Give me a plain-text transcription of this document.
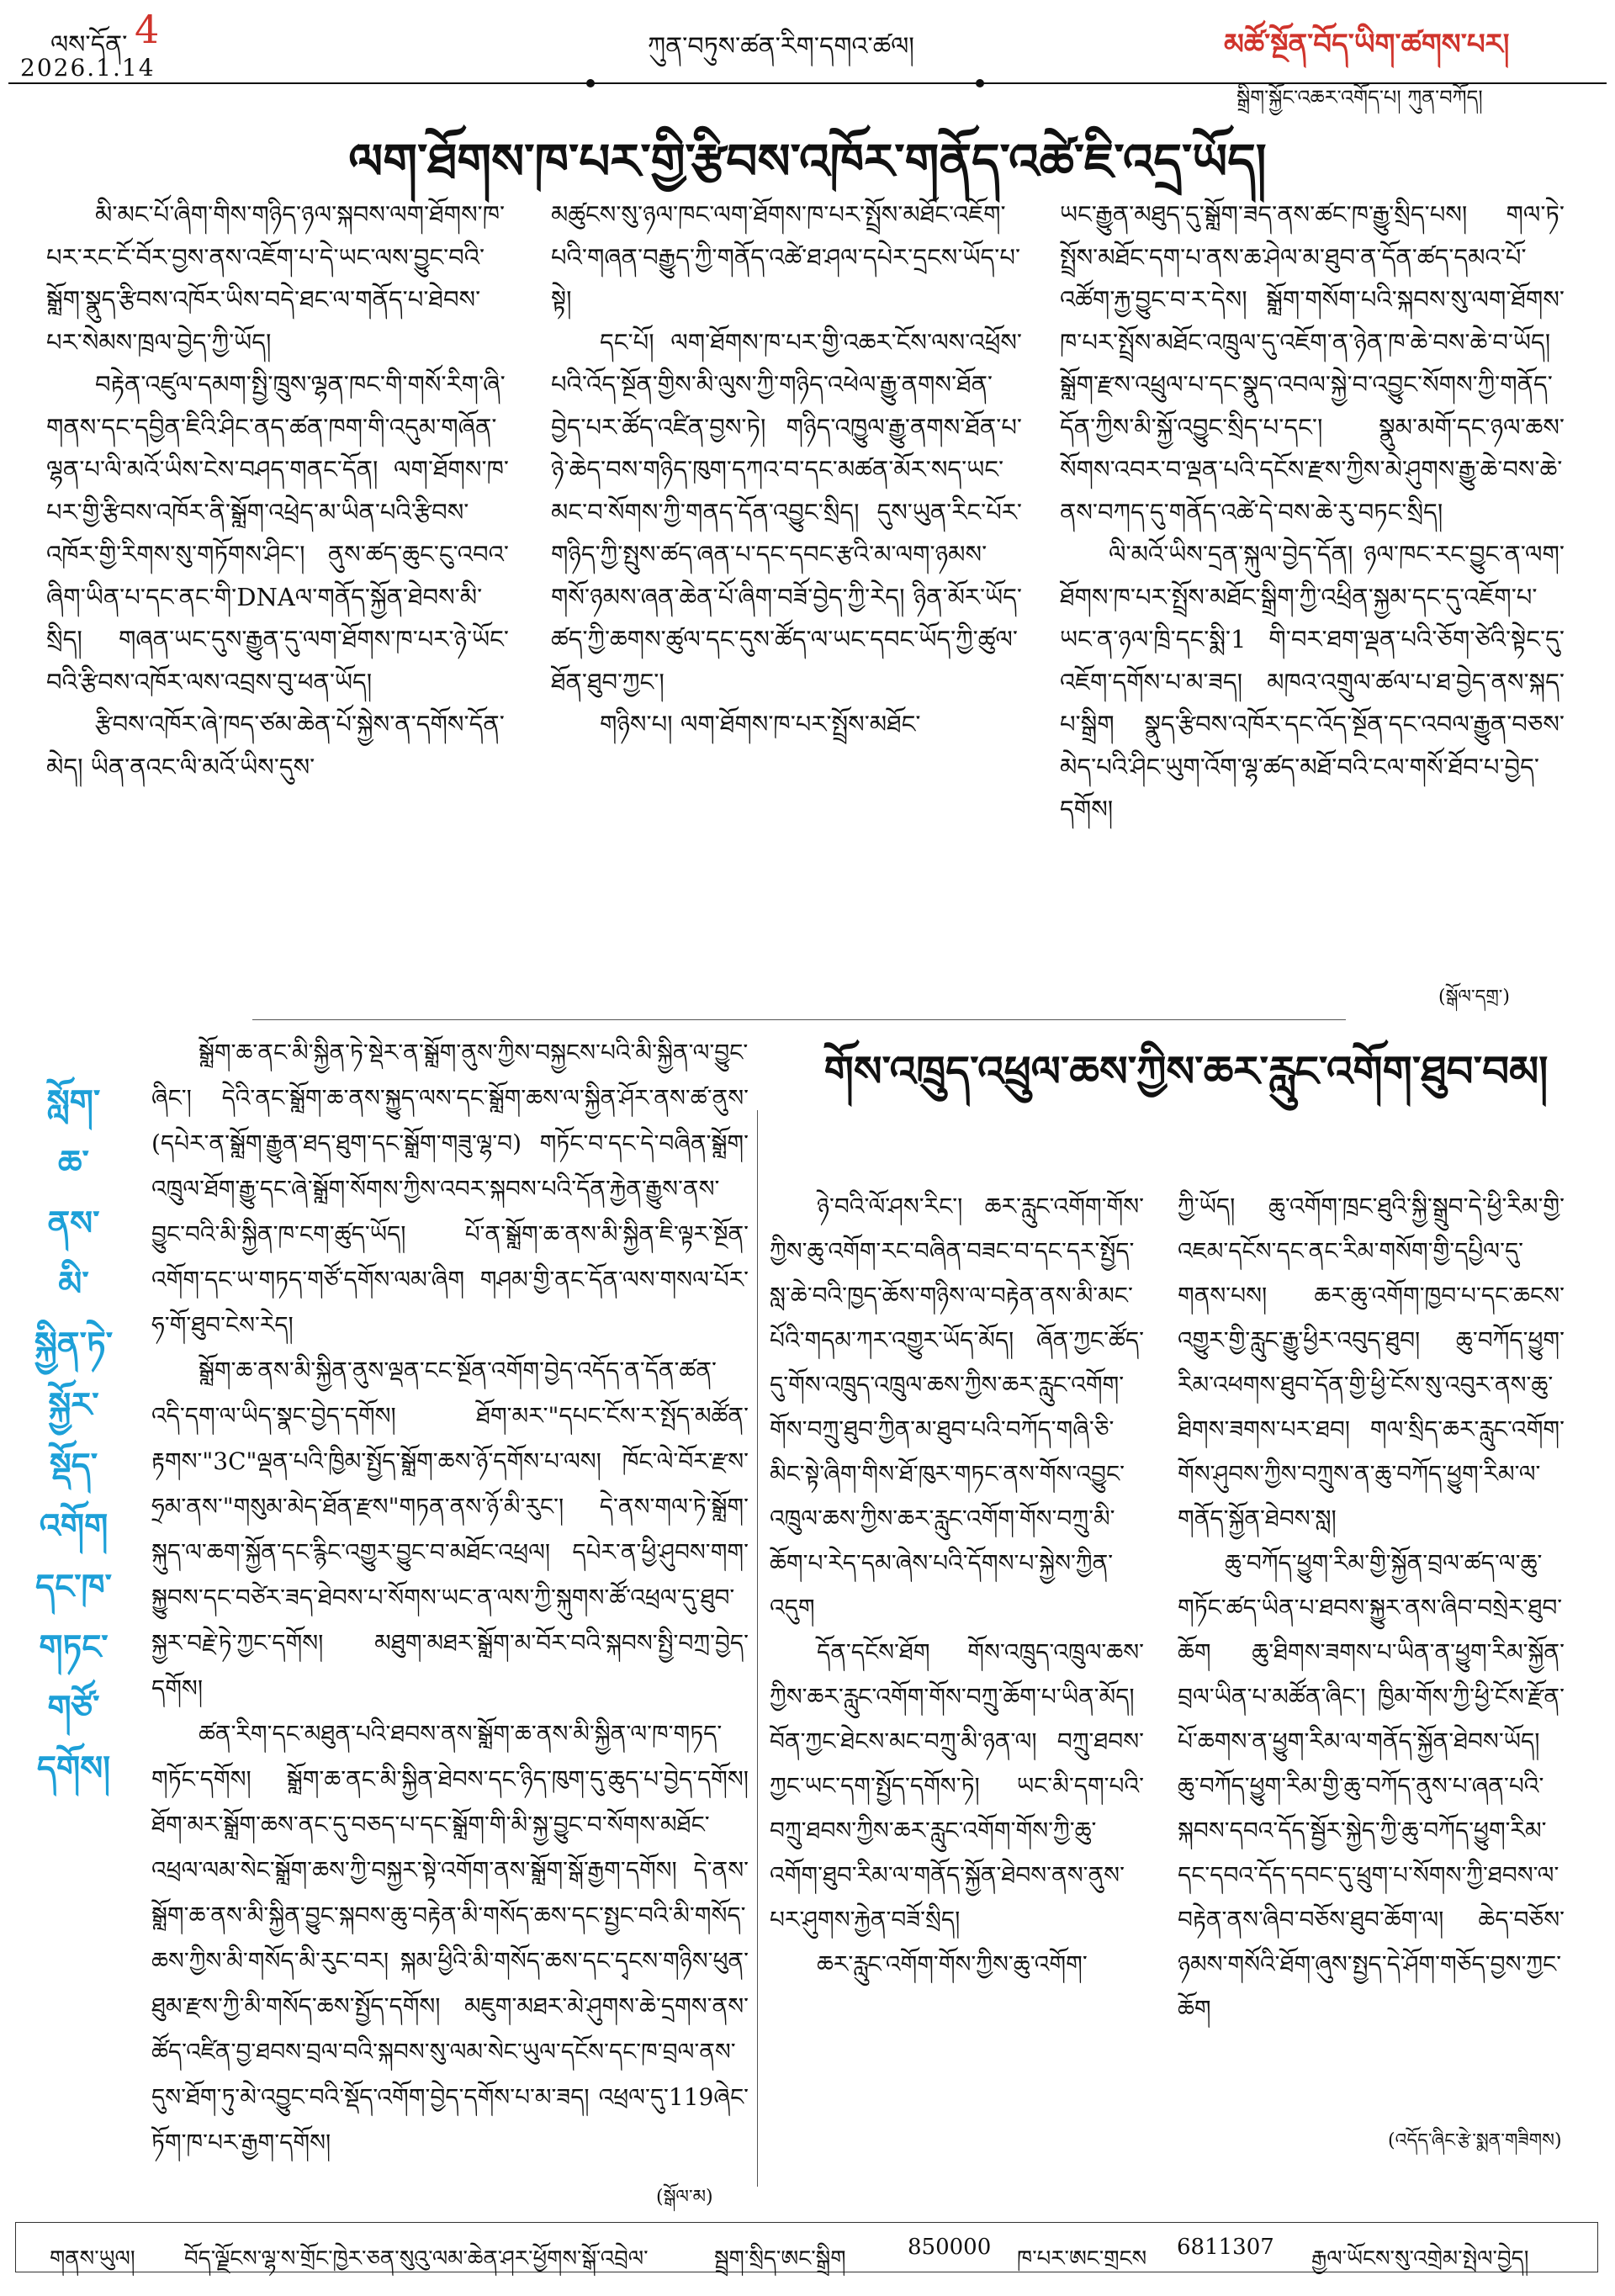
ལས་དོན་ 4
2026.1.14
ཀུན་བཏུས་ཚན་རིག་དགའ་ཚལ།	མཚོ་སྔོན་བོད་ཡིག་ཚགས་པར།
སྒྲིག་སྐྱོང་འཆར་འགོད་པ། ཀུན་བཀོད།
ལག་ཐོགས་ཁ་པར་གྱི་རྩིབས་འཁོར་གནོད་འཚེ་ཇི་འདྲ་ཡོད།

མི་མང་པོ་ཞིག་གིས་གཉིད་ཉལ་སྐབས་ལག་ཐོགས་ཁ་པར་རང་ངོ་བོར་བྱས་ནས་འཇོག་པ་དེ་ཡང་ལས་བྱུང་བའི་སྒློག་སྣུད་རྩིབས་འཁོར་ཡིས་བདེ་ཐང་ལ་གནོད་པ་ཐེབས་པར་སེམས་ཁྲལ་བྱེད་ཀྱི་ཡོད།

བརྟེན་འཛུལ་དམག་སྤྱི་ཁྲུས་ལྷན་ཁང་གི་གསོ་རིག་ཞི་གནས་དང་དབྱིན་ཇིའི་ཤིང་ནད་ཚན་ཁག་གི་འདུམ་གཞོན་ལྷན་པ་ལི་མའོ་ཡིས་ངེས་བཤད་གནང་དོན། ལག་ཐོགས་ཁ་པར་གྱི་རྩིབས་འཁོར་ནི་སྒློག་འཕྲེད་མ་ཡིན་པའི་རྩིབས་འཁོར་གྱི་རིགས་སུ་གཏོགས་ཤིང་། ནུས་ཚད་ཆུང་ངུ་འབའ་ཞིག་ཡིན་པ་དང་ནང་གི་DNAལ་གནོད་སྐྱོན་ཐེབས་མི་སྲིད། གཞན་ཡང་དུས་རྒྱུན་དུ་ལག་ཐོགས་ཁ་པར་ཉེ་ཡོང་བའི་རྩིབས་འཁོར་ལས་འབྲས་བུ་ཕན་ཡོད།

རྩིབས་འཁོར་ཞེ་ཁད་ཙམ་ཆེན་པོ་སྐྱེས་ན་དགོས་དོན་མེད། ཡིན་ནའང་ལི་མའོ་ཡིས་དུས་

མཚུངས་སུ་ཉལ་ཁང་ལག་ཐོགས་ཁ་པར་སྤྲོས་མཐོང་འཇོག་པའི་གཞན་བརྒྱུད་ཀྱི་གནོད་འཚེ་ཐ་ཤལ་དཔེར་དྲངས་ཡོད་པ་སྟེ།

དང་པོ། ལག་ཐོགས་ཁ་པར་གྱི་འཆར་ངོས་ལས་འཕྲོས་པའི་འོད་སྔོན་གྱིས་མི་ལུས་ཀྱི་གཉིད་འཕེལ་རྒྱུ་ནགས་ཐོན་བྱེད་པར་ཚོད་འཛིན་བྱས་ཏེ། གཉིད་འཁྱུལ་རྒྱུ་ནགས་ཐོན་པ་ཉེ་ཆེད་བས་གཉིད་ཁུག་དཀའ་བ་དང་མཚན་མོར་སད་ཡང་མང་བ་སོགས་ཀྱི་གནད་དོན་འབྱུང་སྲིད། དུས་ཡུན་རིང་པོར་གཉིད་ཀྱི་སྤུས་ཚད་ཞན་པ་དང་དབང་རྩའི་མ་ལག་ཉམས་གསོ་ཉམས་ཞན་ཆེན་པོ་ཞིག་བཟོ་བྱེད་ཀྱི་རེད། ཉིན་མོར་ཡོད་ཚད་ཀྱི་ཆགས་ཚུལ་དང་དུས་ཚོད་ལ་ཡང་དབང་ཡོད་ཀྱི་ཚུལ་ཐོན་ཐུབ་ཀྱང་།

གཉིས་པ། ལག་ཐོགས་ཁ་པར་སྤྲོས་མཐོང་

ཡང་རྒྱུན་མཐུད་དུ་སྒློག་ཟད་ནས་ཚང་ཁ་རྒྱུ་སྲིད་པས། གལ་ཏེ་སྤྲོས་མཐོང་དག་པ་ནས་ཆ་ཤེལ་མ་ཐུབ་ན་དོན་ཚད་དམའ་པོ་འཚོག་རྐྱ་བྱུང་བ་ར་དེས། སྒློག་གསོག་པའི་སྐབས་སུ་ལག་ཐོགས་ཁ་པར་སྤྲོས་མཐོང་འཁྲུལ་དུ་འཇོག་ན་ཉེན་ཁ་ཆེ་བས་ཆེ་བ་ཡོད། སྒློག་རྫས་འཕྲུལ་པ་དང་སྣུད་འབལ་སྐྱེ་བ་འབྱུང་སོགས་ཀྱི་གནོད་དོན་ཀྱིས་མི་སྐྱོ་འབྱུང་སྲིད་པ་དང་། སྣུམ་མགོ་དང་ཉལ་ཆས་སོགས་འབར་བ་ལྡན་པའི་དངོས་རྫས་ཀྱིས་མེ་ཤུགས་རྒྱུ་ཆེ་བས་ཆེ་ནས་བཀད་དུ་གནོད་འཚེ་དེ་བས་ཆེ་རུ་བཏང་སྲིད།

ལི་མའོ་ཡིས་དྲན་སྐུལ་བྱེད་དོན། ཉལ་ཁང་རང་བྱུང་ན་ལག་ཐོགས་ཁ་པར་སྤྲོས་མཐོང་སྒྲིག་ཀྱི་འཕྲིན་སྐྱམ་དང་དུ་འཇོག་པ་ཡང་ན་ཉལ་ཁྲི་དང་སྨི་1 གི་བར་ཐག་ལྡན་པའི་ཅོག་ཙེའི་སྟེང་དུ་འཇོག་དགོས་པ་མ་ཟད། མཁའ་འགྲུལ་ཚལ་པ་ཐ་བྱེད་ནས་སྐད་པ་སྒྲིག སྣུད་རྩིབས་འཁོར་དང་འོད་སྔོན་དང་འབལ་རྒྱུན་བཅས་མེད་པའི་ཤིང་ཡུག་འོག་ལྷ་ཚད་མཐོ་བའི་ངལ་གསོ་ཐོབ་པ་བྱེད་དགོས།

(སྒོལ་དགྲ་)
སློག་
ཆ་ནས་མི་
སྐྱིན་ཏེ་
སྐྱོར་སྡོད་
འགོག
དང་ཁ་
གཏང་
གཙོ་
དགོས།

སྒློག་ཆ་ནང་མི་སྐྱིན་ཏེ་སྡེར་ན་སྒློག་ནུས་ཀྱིས་བསྐྱངས་པའི་མི་སྐྱིན་ལ་བྱུང་ཞིང་། དེའི་ནང་སྒློག་ཆ་ནས་སྐྱུད་ལས་དང་སྒློག་ཆས་ལ་སྐྱིན་ཤོར་ནས་ཚ་ནུས་(དཔེར་ན་སྒློག་རྒྱུན་ཐད་ཐུག་དང་སྒློག་གཟུ་ལྷ་བ) གཏོང་བ་དང་དེ་བཞིན་སྒློག་འཁྲུལ་ཐོག་རྒྱུ་དང་ཞེ་སྒློག་སོགས་ཀྱིས་འབར་སྐབས་པའི་དོན་རྐྱེན་རྒྱུས་ནས་བྱུང་བའི་མི་སྐྱིན་ཁ་ངག་ཚུད་ཡོད། པོ་ན་སྒློག་ཆ་ནས་མི་སྐྱིན་ཇི་ལྟར་སྔོན་འགོག་དང་ཡ་གཏད་གཙོ་དགོས་ལམ་ཞིག གཤམ་གྱི་ནང་དོན་ལས་གསལ་པོར་ཧ་གོ་ཐུབ་ངེས་རེད།

སྒློག་ཆ་ནས་མི་སྐྱིན་ནུས་ལྡན་ངང་སྔོན་འགོག་བྱེད་འདོད་ན་དོན་ཚན་འདི་དག་ལ་ཡིད་སྣང་བྱེད་དགོས། ཐོག་མར་"དཔང་ངོས་ར་སྤོད་མཚོན་རྟགས་"3C"ལྡན་པའི་ཁྱིམ་སྤྱོད་སྒློག་ཆས་ཉོ་དགོས་པ་ལས། ཁོང་ལེ་བོར་རྫས་ཧྲམ་ནས་"གསུམ་མེད་ཐོན་རྫས"གཏན་ནས་ཉོ་མི་རུང་། དེ་ནས་གལ་ཏེ་སྒློག་སྐུད་ལ་ཆག་སྐྱོན་དང་རྙིང་འགྱུར་བྱུང་བ་མཐོང་འཕྲལ། དཔེར་ན་ཕྱི་ཤུབས་གག་སྐྱུབས་དང་བཙེར་ཟད་ཐེབས་པ་སོགས་ཡང་ན་ལས་ཀྱི་སྐུགས་ཚོ་འཕྲལ་དུ་ཐུབ་སྐྱར་བརྗེ་ཏེ་ཀྱང་དགོས། མཐུག་མཐར་སྒློག་མ་བོར་བའི་སྐབས་སྤྱི་བཀྲ་བྱེད་དགོས།

ཚན་རིག་དང་མཐུན་པའི་ཐབས་ནས་སྒློག་ཆ་ནས་མི་སྐྱིན་ལ་ཁ་གཏད་གཏོང་དགོས། སྒློག་ཆ་ནང་མི་སྐྱིན་ཐེབས་དང་ཉིད་ཁུག་དུ་ཆུད་པ་བྱེད་དགོས། ཐོག་མར་སྒློག་ཆས་ནང་དུ་བཅད་པ་དང་སྒློག་གི་མི་སྐྱ་བྱུང་བ་སོགས་མཐོང་འཕྲལ་ལམ་སེང་སྒློག་ཆས་ཀྱི་བསྐྱར་སྟེ་འགོག་ནས་སྒློག་སྒོ་རྒྱག་དགོས། དེ་ནས་སྒློག་ཆ་ནས་མི་སྐྱིན་བྱུང་སྐབས་ཆུ་བརྟེན་མི་གསོད་ཆས་དང་སྤྱང་བའི་མི་གསོད་ཆས་ཀྱིས་མི་གསོད་མི་རུང་བར། སྐམ་ཕྱིའི་མི་གསོད་ཆས་དང་དྭངས་གཉིས་ཕུན་ཐུམ་རྫས་ཀྱི་མི་གསོད་ཆས་སྤྱོད་དགོས། མཇུག་མཐར་མེ་ཤུགས་ཆེ་དྲགས་ནས་ཚོད་འཛིན་བྱ་ཐབས་བྲལ་བའི་སྐབས་སུ་ལམ་སེང་ཡུལ་དངོས་དང་ཁ་བྲལ་ནས་དུས་ཐོག་ཏུ་མེ་འབྱུང་བའི་སྡོད་འགོག་བྱེད་དགོས་པ་མ་ཟད། འཕྲལ་དུ་119ཞེང་ཏོག་ཁ་པར་རྒྱག་དགོས།

(སྒོལ་མ)
གོས་འཁྲུད་འཕྲུལ་ཆས་ཀྱིས་ཆར་རླུང་འགོག་ཐུབ་བམ།

ཉེ་བའི་ལོ་ཤས་རིང་། ཆར་རླུང་འགོག་གོས་ཀྱིས་ཆུ་འགོག་རང་བཞིན་བཟང་བ་དང་དར་སྤྱོད་སླ་ཆེ་བའི་ཁྱད་ཆོས་གཉིས་ལ་བརྟེན་ནས་མི་མང་པོའི་གདམ་ཀར་འགྱུར་ཡོད་མོད། ཞོན་ཀྱང་ཚོད་དུ་གོས་འཁྲུད་འཁྲུལ་ཆས་ཀྱིས་ཆར་རླུང་འགོག་གོས་བཀྲུ་ཐུབ་ཀྱིན་མ་ཐུབ་པའི་བཀོད་གཞི་ཅི་མིང་སྟེ་ཞིག་གིས་ཐོ་ཁུར་གཏང་ནས་གོས་འབྱུང་འཁྲུལ་ཆས་ཀྱིས་ཆར་རླུང་འགོག་གོས་བཀྲུ་མི་ཆོག་པ་རེད་དམ་ཞེས་པའི་དོགས་པ་སྐྱེས་ཀྱིན་འདུག

དོན་དངོས་ཐོག གོས་འཁྲུད་འཁྲུལ་ཆས་ཀྱིས་ཆར་རླུང་འགོག་གོས་བཀྲུ་ཆོག་པ་ཡིན་མོད། བོན་ཀྱང་ཐེངས་མང་བཀྲུ་མི་ཉན་ལ། བཀྲུ་ཐབས་ཀྱང་ཡང་དག་སྤྱོད་དགོས་ཏེ། ཡང་མི་དག་པའི་བཀྲུ་ཐབས་ཀྱིས་ཆར་རླུང་འགོག་གོས་ཀྱི་ཆུ་འགོག་ཐུབ་རིམ་ལ་གནོད་སྐྱོན་ཐེབས་ནས་ནུས་པར་ཤུགས་རྐྱེན་བཟོ་སྲིད།

ཆར་རླུང་འགོག་གོས་ཀྱིས་ཆུ་འགོག་

ཀྱི་ཡོད། ཆུ་འགོག་ཁྲང་ཐུའི་སྐྱི་སྒྲུབ་དེ་ཕྱི་རིམ་གྱི་འཇམ་དངོས་དང་ནང་རིམ་གསོག་གྱི་དཔྱིལ་དུ་གནས་པས། ཆར་ཆུ་འགོག་ཁྱབ་པ་དང་ཆངས་འགྱུར་གྱི་རླུང་རྒྱུ་ཕྱིར་འབུད་ཐུབ། ཆུ་བཀོད་ཕྱུག་རིམ་འཕགས་ཐུབ་དོན་གྱི་ཕྱི་ངོས་སུ་འབུར་ནས་ཆུ་ཐིགས་ཟགས་པར་ཐབ། གལ་སྲིད་ཆར་རླུང་འགོག་གོས་ཤུབས་ཀྱིས་བཀྲུས་ན་ཆུ་བཀོད་ཕྱུག་རིམ་ལ་གནོད་སྐྱོན་ཐེབས་སླ།

ཆུ་བཀོད་ཕྱུག་རིམ་གྱི་སྐྱོན་བྲལ་ཚད་ལ་ཆུ་གཏོང་ཚད་ཡིན་པ་ཐབས་སྐྱུར་ནས་ཞིབ་བསྲེར་ཐུབ་ཆོག ཆུ་ཐིགས་ཟགས་པ་ཡིན་ན་ཕྱུག་རིམ་སྐྱོན་བྲལ་ཡིན་པ་མཚོན་ཞིང་། ཁྱིམ་གོས་ཀྱི་ཕྱི་ངོས་རྫོན་པོ་ཆགས་ན་ཕྱུག་རིམ་ལ་གནོད་སྐྱོན་ཐེབས་ཡོད། ཆུ་བཀོད་ཕྱུག་རིམ་གྱི་ཆུ་བཀོད་ནུས་པ་ཞན་པའི་སྐབས་དབའ་དོད་སྦྱོར་སྐྱེད་ཀྱི་ཆུ་བཀོད་ཕྱུག་རིམ་དང་དབའ་དོད་དབང་དུ་ཕྲུག་པ་སོགས་ཀྱི་ཐབས་ལ་བརྟེན་ནས་ཞིབ་བཅོས་ཐུབ་ཆོག་ལ། ཆེད་བཅོས་ཉམས་གསོའི་ཐོག་ཞུས་སྤྱད་དེ་ཤོག་གཅོད་བྱས་ཀྱང་ཆོག

(འདོད་ཞིང་རྩེ་སྨན་གཟིགས)
གནས་ཡུལ། བོད་ལྗོངས་ལྷ་ས་གྲོང་ཁྱེར་ཅན་སུའུ་ལམ་ཆེན་ཤར་ཕྱོགས་སྒོ་འབྲེལ་	སྦྲག་སྲིད་ཨང་སྒྲིག	850000 ཁ་པར་ཨང་གྲངས 6811307 རྒྱལ་ཡོངས་སུ་འགྲེམ་སྤེལ་བྱེད།
